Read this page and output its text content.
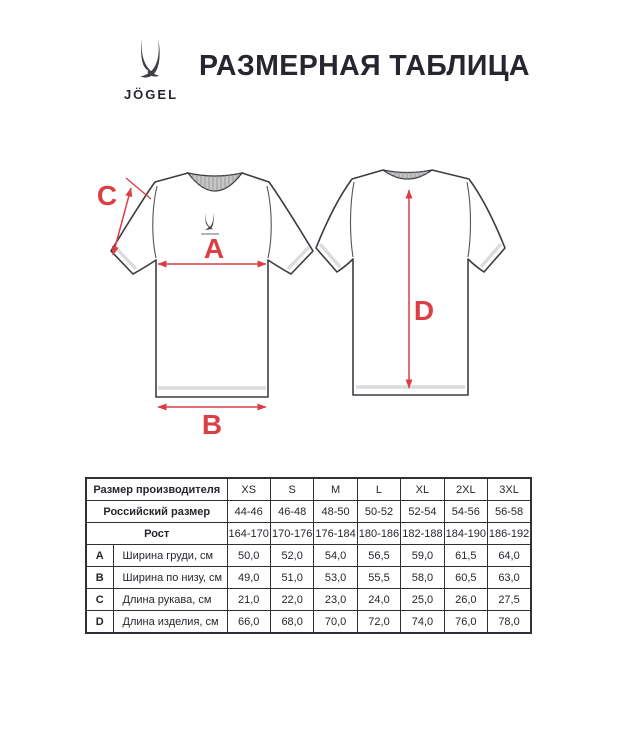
JÖGEL
РАЗМЕРНАЯ ТАБЛИЦА
A
B
C
D
Размер производителя		XS	S	M	L	XL	2XL	3XL
Российский размер		44-46	46-48	48-50	50-52	52-54	54-56	56-58
Рост		164-170	170-176	176-184	180-186	182-188	184-190	186-192
A	Ширина груди, см	50,0	52,0	54,0	56,5	59,0	61,5	64,0
B	Ширина по низу, см	49,0	51,0	53,0	55,5	58,0	60,5	63,0
C	Длина рукава, см	21,0	22,0	23,0	24,0	25,0	26,0	27,5
D	Длина изделия, см	66,0	68,0	70,0	72,0	74,0	76,0	78,0
